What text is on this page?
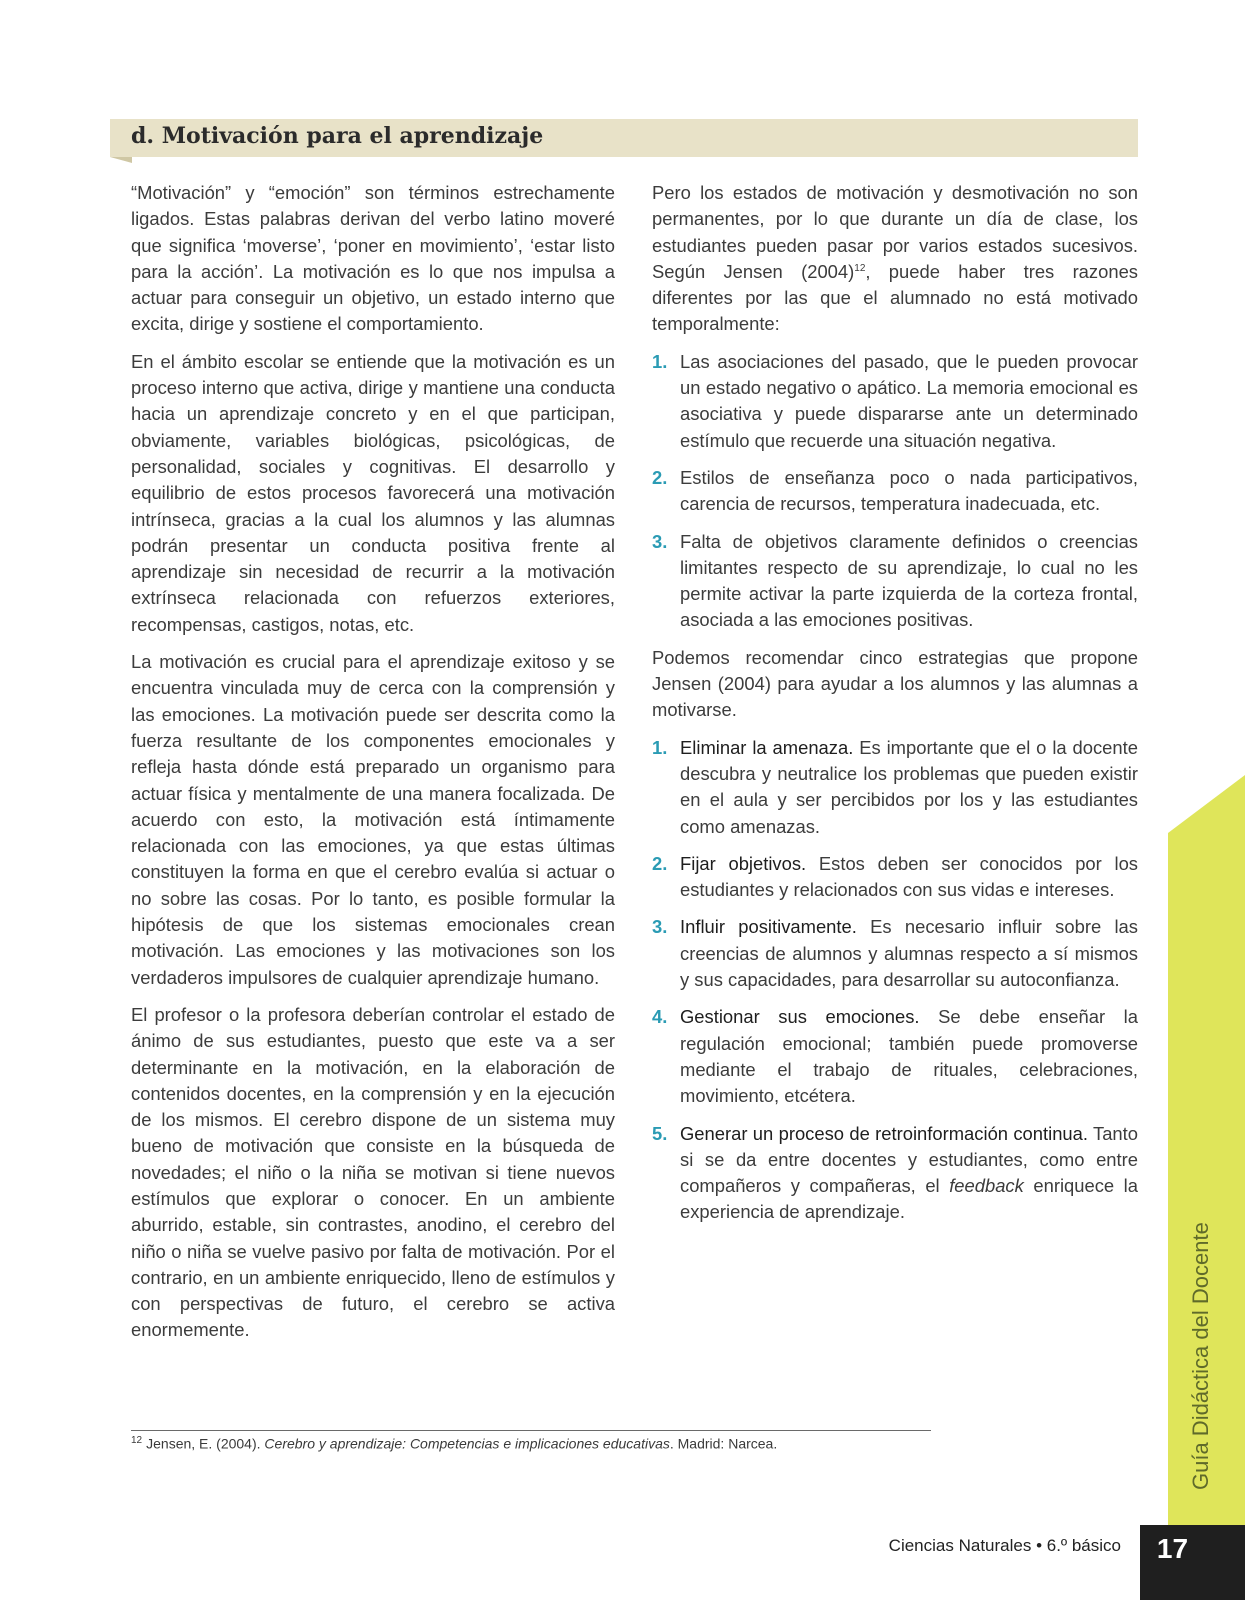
d. Motivación para el aprendizaje

“Motivación” y “emoción” son términos estrechamente ligados. Estas palabras derivan del verbo latino moveré que significa ‘moverse’, ‘poner en movimiento’, ‘estar listo para la acción’. La motivación es lo que nos impulsa a actuar para conseguir un objetivo, un estado interno que excita, dirige y sostiene el comportamiento.

En el ámbito escolar se entiende que la motivación es un proceso interno que activa, dirige y mantiene una conducta hacia un aprendizaje concreto y en el que participan, obviamente, variables biológicas, psicológicas, de personalidad, sociales y cognitivas. El desarrollo y equilibrio de estos procesos favorecerá una motivación intrínseca, gracias a la cual los alumnos y las alumnas podrán presentar un conducta positiva frente al aprendizaje sin necesidad de recurrir a la motivación extrínseca relacionada con refuerzos exteriores, recompensas, castigos, notas, etc.

La motivación es crucial para el aprendizaje exitoso y se encuentra vinculada muy de cerca con la comprensión y las emociones. La motivación puede ser descrita como la fuerza resultante de los componentes emocionales y refleja hasta dónde está preparado un organismo para actuar física y mentalmente de una manera focalizada. De acuerdo con esto, la motivación está íntimamente relacionada con las emociones, ya que estas últimas constituyen la forma en que el cerebro evalúa si actuar o no sobre las cosas. Por lo tanto, es posible formular la hipótesis de que los sistemas emocionales crean motivación. Las emociones y las motivaciones son los verdaderos impulsores de cualquier aprendizaje humano.

El profesor o la profesora deberían controlar el estado de ánimo de sus estudiantes, puesto que este va a ser determinante en la motivación, en la elaboración de contenidos docentes, en la comprensión y en la ejecución de los mismos. El cerebro dispone de un sistema muy bueno de motivación que consiste en la búsqueda de novedades; el niño o la niña se motivan si tiene nuevos estímulos que explorar o conocer. En un ambiente aburrido, estable, sin contrastes, anodino, el cerebro del niño o niña se vuelve pasivo por falta de motivación. Por el contrario, en un ambiente enriquecido, lleno de estímulos y con perspectivas de futuro, el cerebro se activa enormemente.

Pero los estados de motivación y desmotivación no son permanentes, por lo que durante un día de clase, los estudiantes pueden pasar por varios estados sucesivos. Según Jensen $(2004)^{12}$, puede haber tres razones diferentes por las que el alumnado no está motivado temporalmente:

1. Las asociaciones del pasado, que le pueden provocar un estado negativo o apático. La memoria emocional es asociativa y puede dispararse ante un determinado estímulo que recuerde una situación negativa.
2. Estilos de enseñanza poco o nada participativos, carencia de recursos, temperatura inadecuada, etc.
3. Falta de objetivos claramente definidos o creencias limitantes respecto de su aprendizaje, lo cual no les permite activar la parte izquierda de la corteza frontal, asociada a las emociones positivas.

Podemos recomendar cinco estrategias que propone Jensen (2004) para ayudar a los alumnos y las alumnas a motivarse.

1. Eliminar la amenaza. Es importante que el o la docente descubra y neutralice los problemas que pueden existir en el aula y ser percibidos por los y las estudiantes como amenazas.
2. Fijar objetivos. Estos deben ser conocidos por los estudiantes y relacionados con sus vidas e intereses.
3. Influir positivamente. Es necesario influir sobre las creencias de alumnos y alumnas respecto a sí mismos y sus capacidades, para desarrollar su autoconfianza.
4. Gestionar sus emociones. Se debe enseñar la regulación emocional; también puede promoverse mediante el trabajo de rituales, celebraciones, movimiento, etcétera.
5. Generar un proceso de retroinformación continua. Tanto si se da entre docentes y estudiantes, como entre compañeros y compañeras, el feedback enriquece la experiencia de aprendizaje.
$^{12}$ Jensen, E. (2004). Cerebro y aprendizaje: Competencias e implicaciones educativas. Madrid: Narcea.	Guía Didáctica del Docente
Ciencias Naturales • 6.º básico	17
